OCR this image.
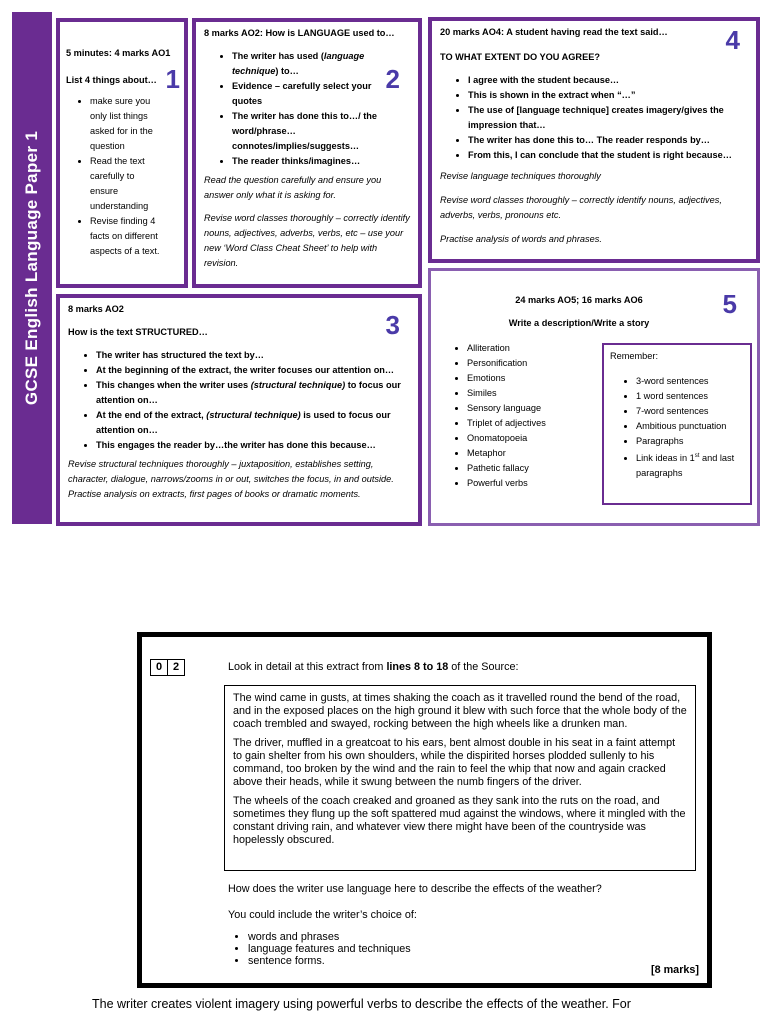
GCSE English Language Paper 1
1

5 minutes: 4 marks AO1

List 4 things about…

• make sure you only list things asked for in the question
• Read the text carefully to ensure understanding
• Revise finding 4 facts on different aspects of a text.
2

8 marks AO2: How is LANGUAGE used to…

• The writer has used (language technique) to…
• Evidence – carefully select your quotes
• The writer has done this to…/ the word/phrase… connotes/implies/suggests…
• The reader thinks/imagines…

Read the question carefully and ensure you answer only what it is asking for.

Revise word classes thoroughly – correctly identify nouns, adjectives, adverbs, verbs, etc – use your new ‘Word Class Cheat Sheet’ to help with revision.

3

8 marks AO2

How is the text STRUCTURED…

• The writer has structured the text by…
• At the beginning of the extract, the writer focuses our attention on…
• This changes when the writer uses (structural technique) to focus our attention on…
• At the end of the extract, (structural technique) is used to focus our attention on…
• This engages the reader by…the writer has done this because…

Revise structural techniques thoroughly – juxtaposition, establishes setting, character, dialogue, narrows/zooms in or out, switches the focus, in and outside. Practise analysis on extracts, first pages of books or dramatic moments.

4

20 marks AO4: A student having read the text said…

TO WHAT EXTENT DO YOU AGREE?

• I agree with the student because…
• This is shown in the extract when “…”
• The use of [language technique] creates imagery/gives the impression that…
• The writer has done this to… The reader responds by…
• From this, I can conclude that the student is right because…

Revise language techniques thoroughly

Revise word classes thoroughly – correctly identify nouns, adjectives, adverbs, verbs, pronouns etc.

Practise analysis of words and phrases.

5

24 marks AO5; 16 marks AO6

Write a description/Write a story

• Alliteration
• Personification
• Emotions
• Similes
• Sensory language
• Triplet of adjectives
• Onomatopoeia
• Metaphor
• Pathetic fallacy
• Powerful verbs

Remember:

• 3-word sentences
• 1 word sentences
• 7-word sentences
• Ambitious punctuation
• Paragraphs
• Link ideas in 1st and last paragraphs
0 2	Look in detail at this extract from lines 8 to 18 of the Source:

The wind came in gusts, at times shaking the coach as it travelled round the bend of the road, and in the exposed places on the high ground it blew with such force that the whole body of the coach trembled and swayed, rocking between the high wheels like a drunken man.

The driver, muffled in a greatcoat to his ears, bent almost double in his seat in a faint attempt to gain shelter from his own shoulders, while the dispirited horses plodded sullenly to his command, too broken by the wind and the rain to feel the whip that now and again cracked above their heads, while it swung between the numb fingers of the driver.

The wheels of the coach creaked and groaned as they sank into the ruts on the road, and sometimes they flung up the soft spattered mud against the windows, where it mingled with the constant driving rain, and whatever view there might have been of the countryside was hopelessly obscured.

How does the writer use language here to describe the effects of the weather?
You could include the writer’s choice of:
• words and phrases
• language features and techniques
• sentence forms.
[8 marks]
The writer creates violent imagery using powerful verbs to describe the effects of the weather. For
